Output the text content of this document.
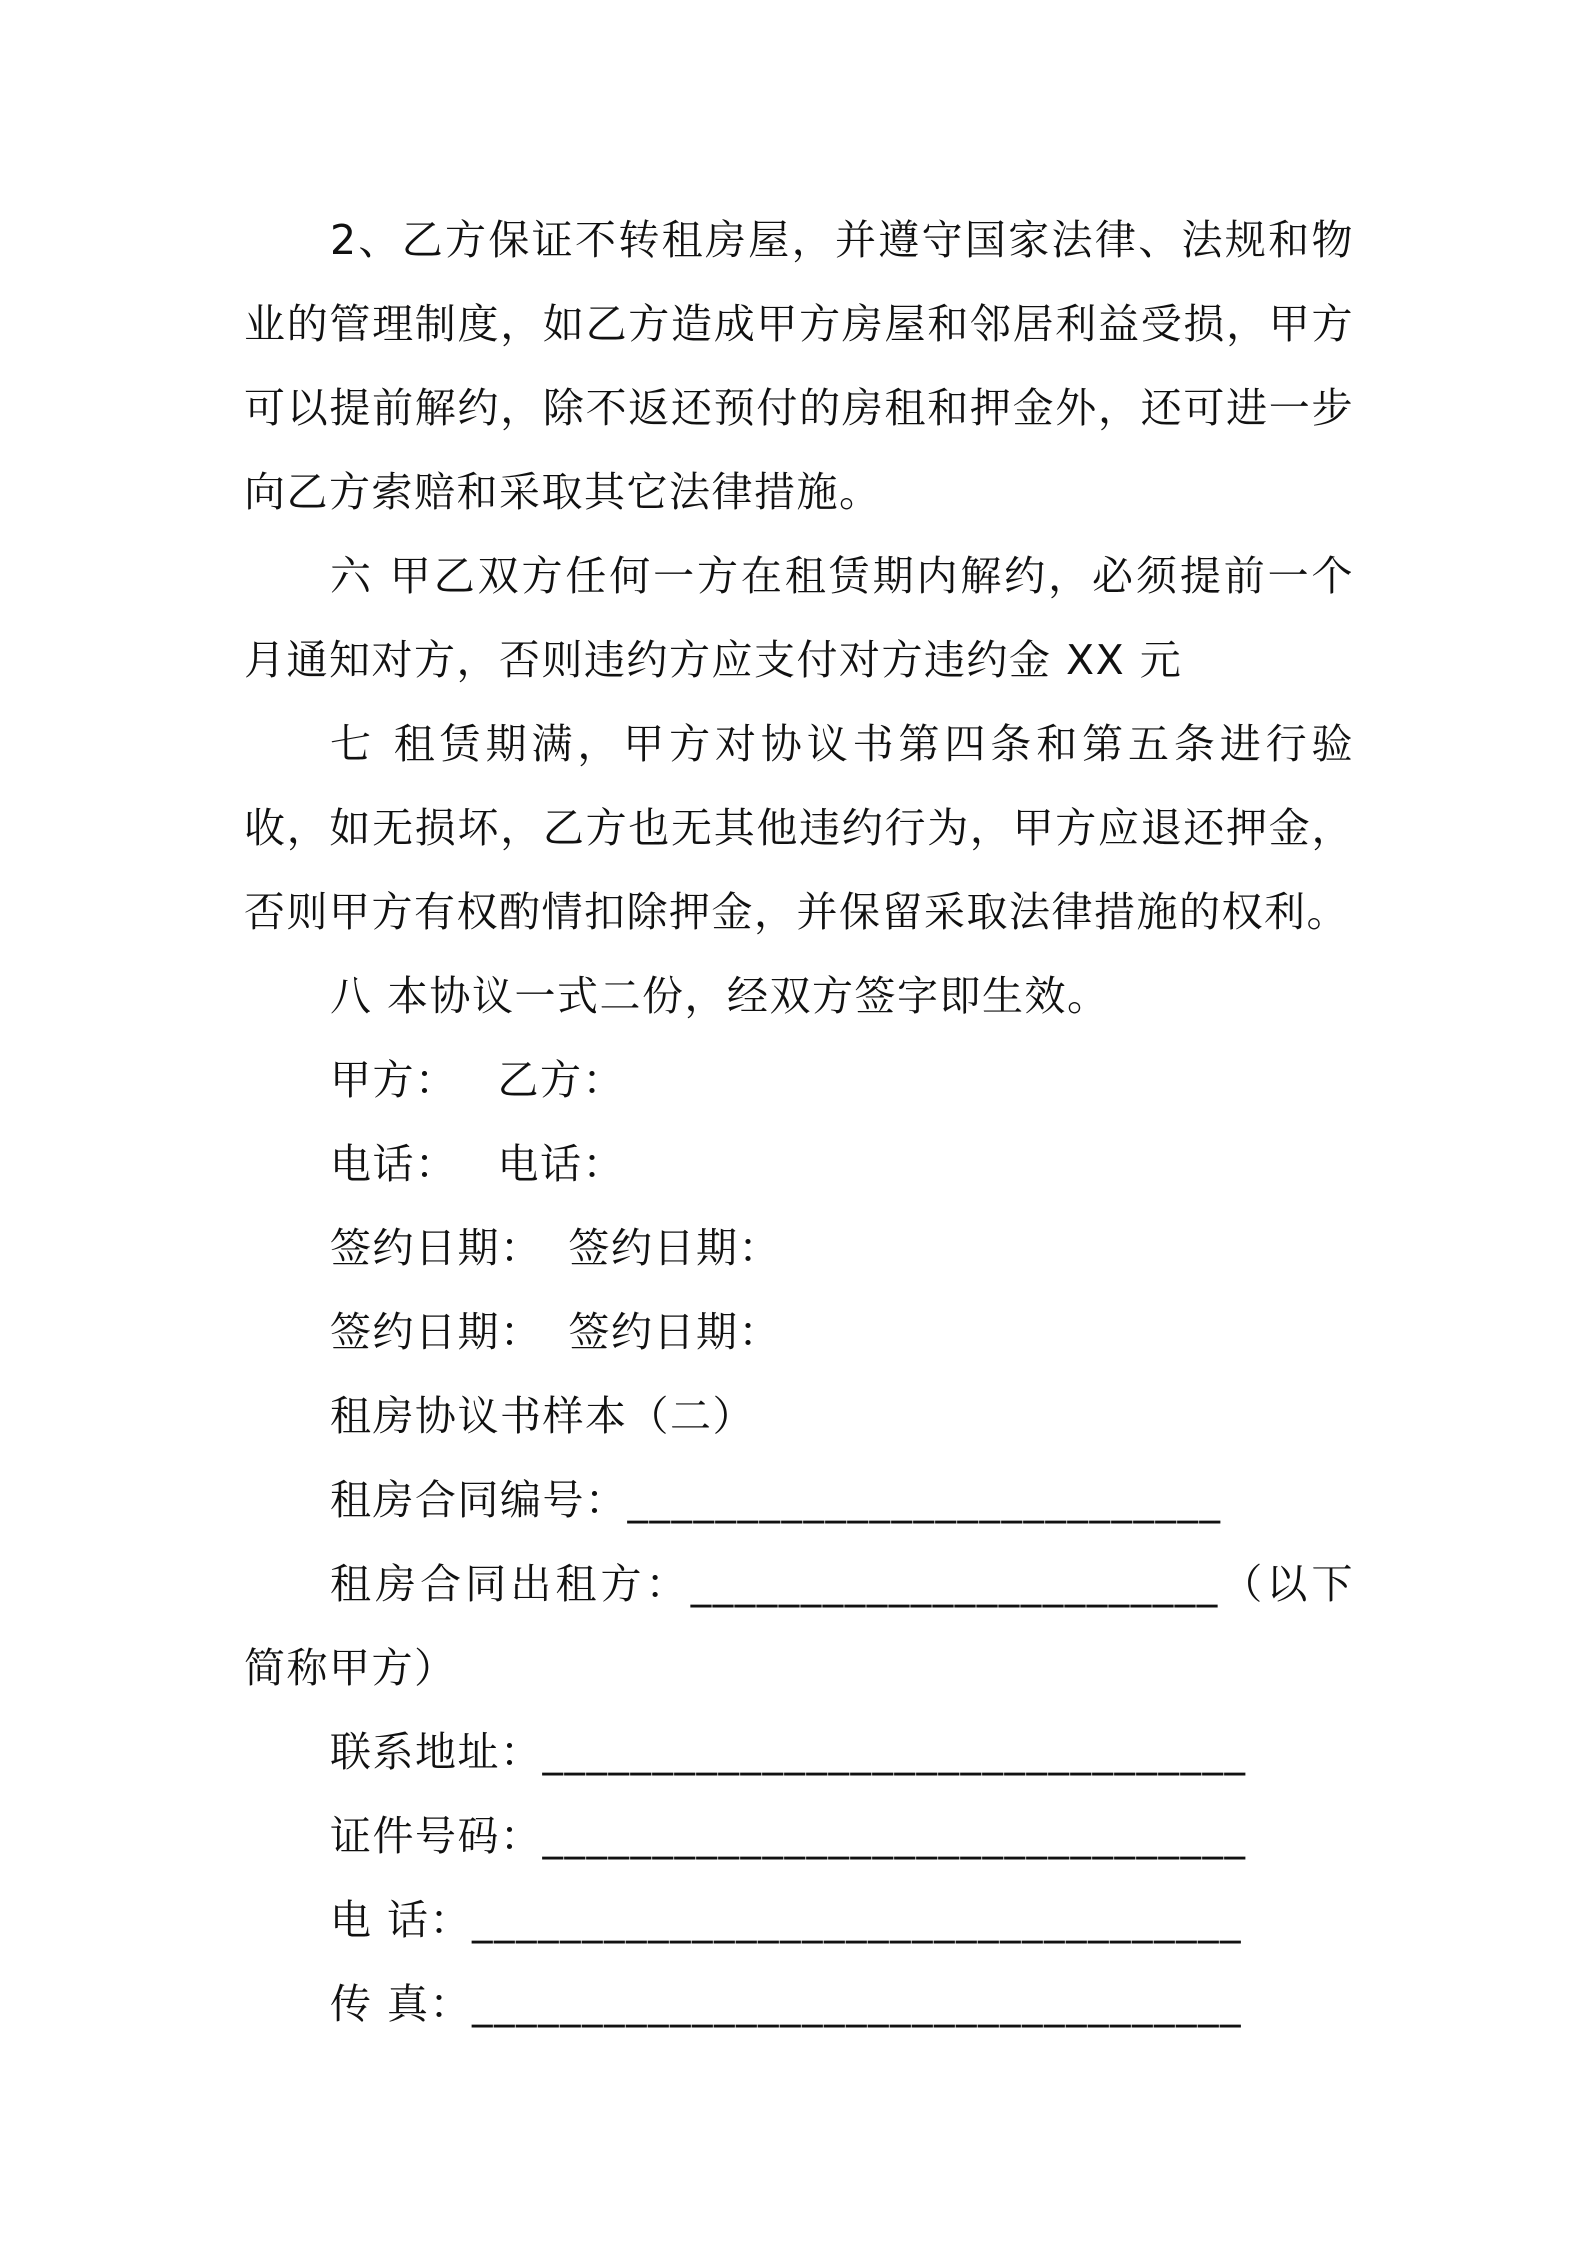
2、乙方保证不转租房屋，并遵守国家法律、法规和物业的管理制度，如乙方造成甲方房屋和邻居利益受损，甲方可以提前解约，除不返还预付的房租和押金外，还可进一步向乙方索赔和采取其它法律措施。

六 甲乙双方任何一方在租赁期内解约，必须提前一个月通知对方，否则违约方应支付对方违约金 XX 元

七 租赁期满，甲方对协议书第四条和第五条进行验收，如无损坏，乙方也无其他违约行为，甲方应退还押金，否则甲方有权酌情扣除押金，并保留采取法律措施的权利。

八 本协议一式二份，经双方签字即生效。

甲方： 乙方：
电话： 电话：
签约日期： 签约日期：
签约日期： 签约日期：
租房协议书样本（二）
租房合同编号：___________________________

租房合同出租方：________________________（以下简称甲方）

联系地址：________________________________
证件号码：________________________________
电 话：___________________________________
传 真：___________________________________
